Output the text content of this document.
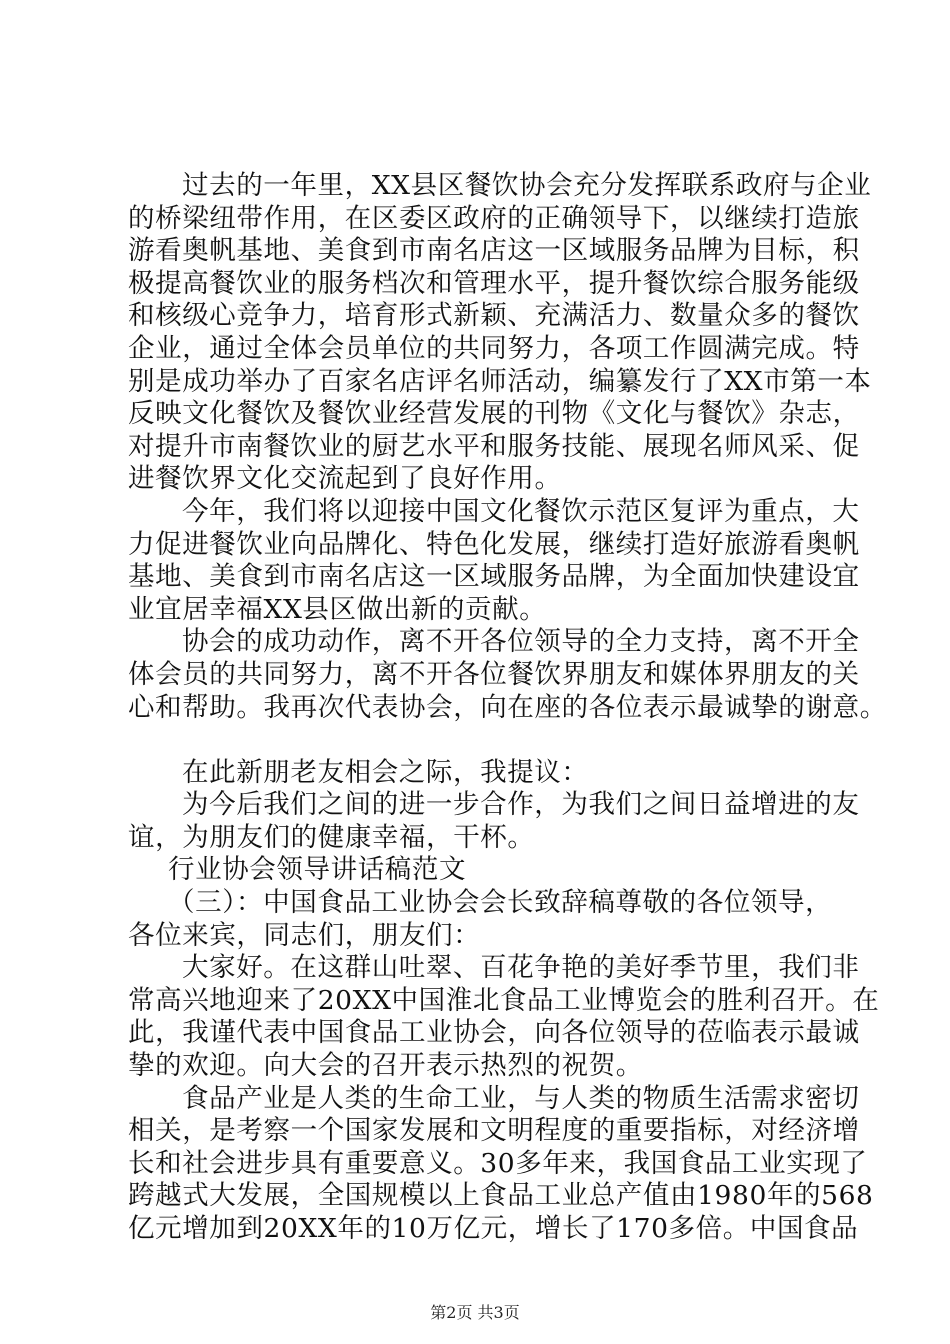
过去的一年里，XX县区餐饮协会充分发挥联系政府与企业
的桥梁纽带作用，在区委区政府的正确领导下，以继续打造旅
游看奥帆基地、美食到市南名店这一区域服务品牌为目标，积
极提高餐饮业的服务档次和管理水平，提升餐饮综合服务能级
和核级心竞争力，培育形式新颖、充满活力、数量众多的餐饮
企业，通过全体会员单位的共同努力，各项工作圆满完成。特
别是成功举办了百家名店评名师活动，编纂发行了XX市第一本
反映文化餐饮及餐饮业经营发展的刊物《文化与餐饮》杂志，
对提升市南餐饮业的厨艺水平和服务技能、展现名师风采、促
进餐饮界文化交流起到了良好作用。
今年，我们将以迎接中国文化餐饮示范区复评为重点，大
力促进餐饮业向品牌化、特色化发展，继续打造好旅游看奥帆
基地、美食到市南名店这一区域服务品牌，为全面加快建设宜
业宜居幸福XX县区做出新的贡献。
协会的成功动作，离不开各位领导的全力支持，离不开全
体会员的共同努力，离不开各位餐饮界朋友和媒体界朋友的关
心和帮助。我再次代表协会，向在座的各位表示最诚挚的谢意。
在此新朋老友相会之际，我提议：
为今后我们之间的进一步合作，为我们之间日益增进的友
谊，为朋友们的健康幸福，干杯。
行业协会领导讲话稿范文
（三）：中国食品工业协会会长致辞稿尊敬的各位领导，
各位来宾，同志们，朋友们：
大家好。在这群山吐翠、百花争艳的美好季节里，我们非
常高兴地迎来了20XX中国淮北食品工业博览会的胜利召开。在
此，我谨代表中国食品工业协会，向各位领导的莅临表示最诚
挚的欢迎。向大会的召开表示热烈的祝贺。
食品产业是人类的生命工业，与人类的物质生活需求密切
相关，是考察一个国家发展和文明程度的重要指标，对经济增
长和社会进步具有重要意义。30多年来，我国食品工业实现了
跨越式大发展，全国规模以上食品工业总产值由1980年的568
亿元增加到20XX年的10万亿元，增长了170多倍。中国食品
第2页 共3页
